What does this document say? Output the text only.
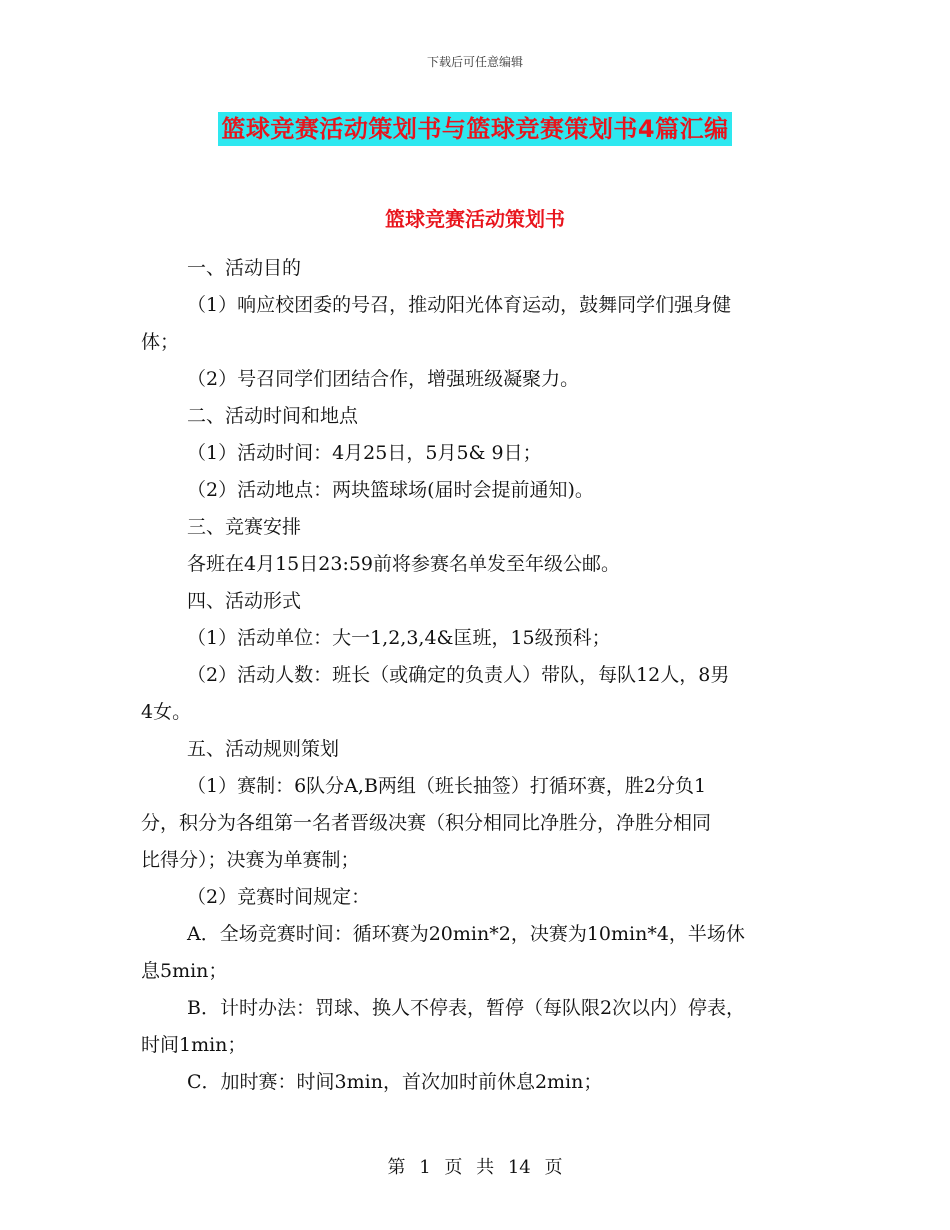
下载后可任意编辑
篮球竞赛活动策划书与篮球竞赛策划书4篇汇编
篮球竞赛活动策划书

一、活动目的

（1）响应校团委的号召，推动阳光体育运动，鼓舞同学们强身健

体；

（2）号召同学们团结合作，增强班级凝聚力。

二、活动时间和地点

（1）活动时间：4月25日，5月5& 9日；

（2）活动地点：两块篮球场(届时会提前通知)。

三、竞赛安排

各班在4月15日23:59前将参赛名单发至年级公邮。

四、活动形式

（1）活动单位：大一1,2,3,4&匡班，15级预科；

（2）活动人数：班长（或确定的负责人）带队，每队12人，8男

4女。

五、活动规则策划

（1）赛制：6队分A,B两组（班长抽签）打循环赛，胜2分负1

分，积分为各组第一名者晋级决赛（积分相同比净胜分，净胜分相同

比得分）；决赛为单赛制；

（2）竞赛时间规定：

A．全场竞赛时间：循环赛为20min*2，决赛为10min*4，半场休

息5min；

B．计时办法：罚球、换人不停表，暂停（每队限2次以内）停表，

时间1min；

C．加时赛：时间3min，首次加时前休息2min；

第 1 页 共 14 页
